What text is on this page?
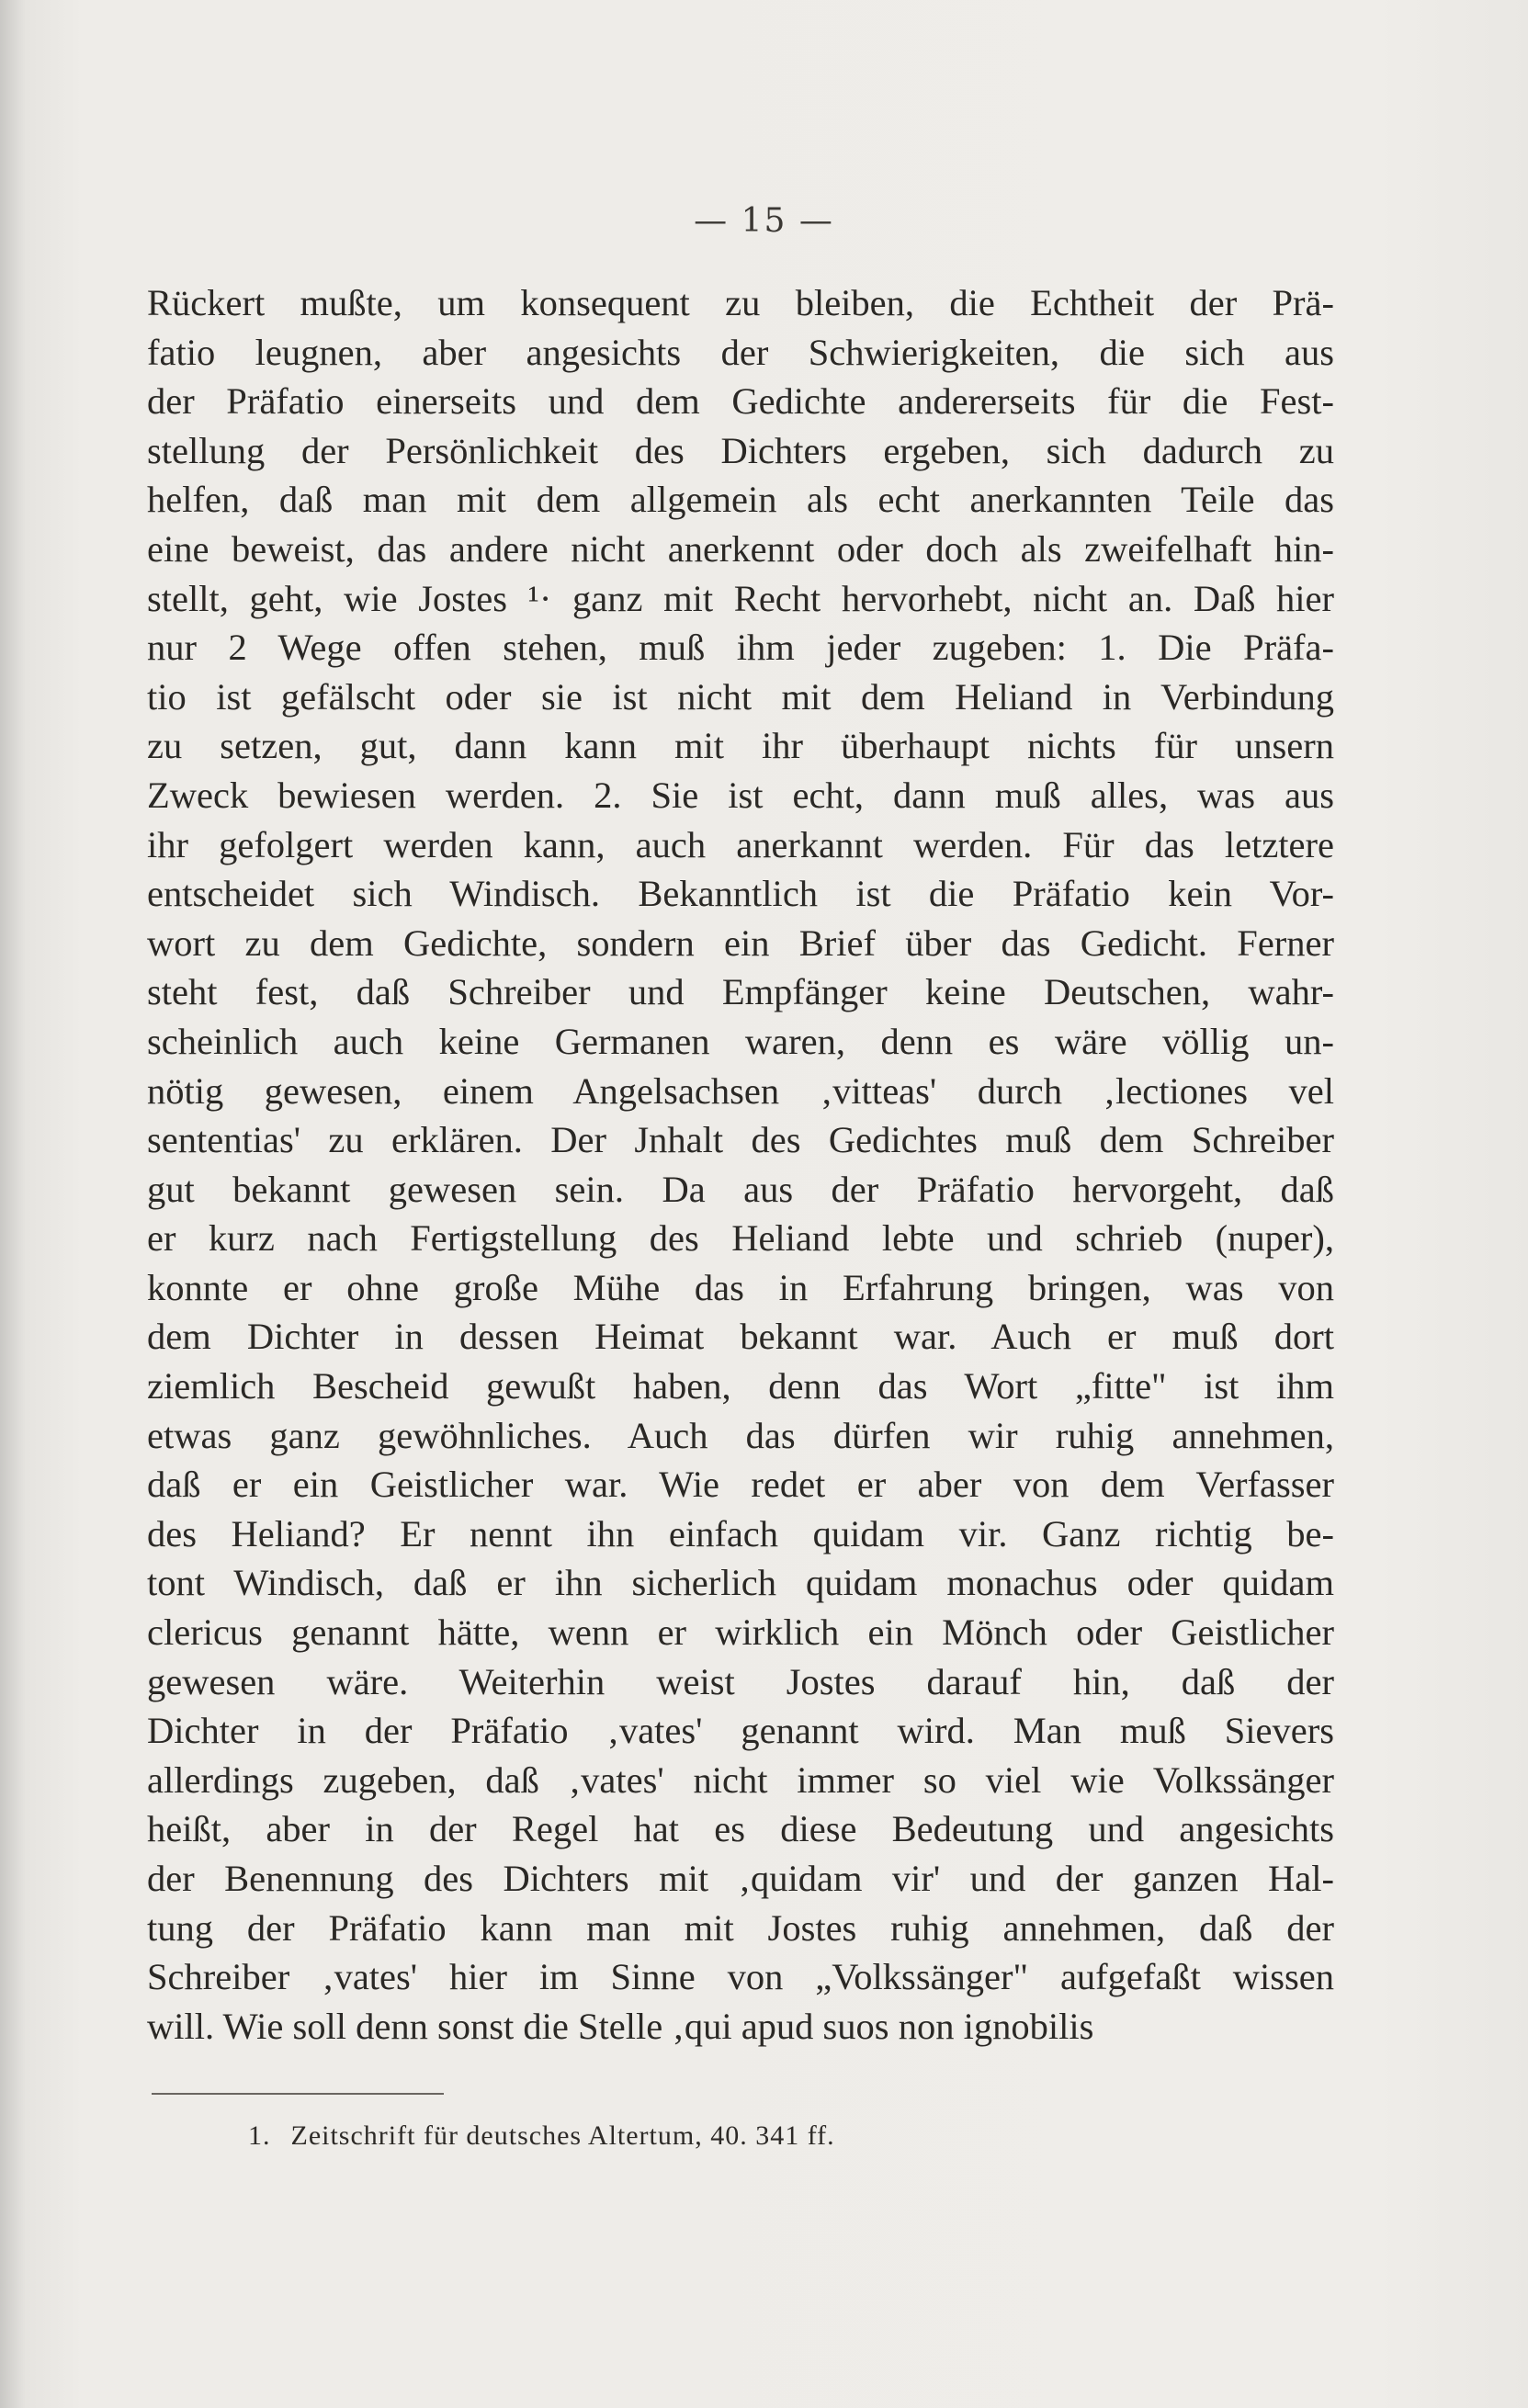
— 15 —
Rückert mußte, um konsequent zu bleiben, die Echtheit der Prä-
fatio leugnen, aber angesichts der Schwierigkeiten, die sich aus
der Präfatio einerseits und dem Gedichte andererseits für die Fest-
stellung der Persönlichkeit des Dichters ergeben, sich dadurch zu
helfen, daß man mit dem allgemein als echt anerkannten Teile das
eine beweist, das andere nicht anerkennt oder doch als zweifelhaft hin-
stellt, geht, wie Jostes ¹· ganz mit Recht hervorhebt, nicht an. Daß hier
nur 2 Wege offen stehen, muß ihm jeder zugeben: 1. Die Präfa-
tio ist gefälscht oder sie ist nicht mit dem Heliand in Verbindung
zu setzen, gut, dann kann mit ihr überhaupt nichts für unsern
Zweck bewiesen werden. 2. Sie ist echt, dann muß alles, was aus
ihr gefolgert werden kann, auch anerkannt werden. Für das letztere
entscheidet sich Windisch. Bekanntlich ist die Präfatio kein Vor-
wort zu dem Gedichte, sondern ein Brief über das Gedicht. Ferner
steht fest, daß Schreiber und Empfänger keine Deutschen, wahr-
scheinlich auch keine Germanen waren, denn es wäre völlig un-
nötig gewesen, einem Angelsachsen ‚vitteas' durch ‚lectiones vel
sententias' zu erklären. Der Jnhalt des Gedichtes muß dem Schreiber
gut bekannt gewesen sein. Da aus der Präfatio hervorgeht, daß
er kurz nach Fertigstellung des Heliand lebte und schrieb (nuper),
konnte er ohne große Mühe das in Erfahrung bringen, was von
dem Dichter in dessen Heimat bekannt war. Auch er muß dort
ziemlich Bescheid gewußt haben, denn das Wort „fitte" ist ihm
etwas ganz gewöhnliches. Auch das dürfen wir ruhig annehmen,
daß er ein Geistlicher war. Wie redet er aber von dem Verfasser
des Heliand? Er nennt ihn einfach quidam vir. Ganz richtig be-
tont Windisch, daß er ihn sicherlich quidam monachus oder quidam
clericus genannt hätte, wenn er wirklich ein Mönch oder Geistlicher
gewesen wäre. Weiterhin weist Jostes darauf hin, daß der
Dichter in der Präfatio ‚vates' genannt wird. Man muß Sievers
allerdings zugeben, daß ‚vates' nicht immer so viel wie Volkssänger
heißt, aber in der Regel hat es diese Bedeutung und angesichts
der Benennung des Dichters mit ‚quidam vir' und der ganzen Hal-
tung der Präfatio kann man mit Jostes ruhig annehmen, daß der
Schreiber ‚vates' hier im Sinne von „Volkssänger" aufgefaßt wissen
will. Wie soll denn sonst die Stelle ‚qui apud suos non ignobilis
1. Zeitschrift für deutsches Altertum, 40. 341 ff.
